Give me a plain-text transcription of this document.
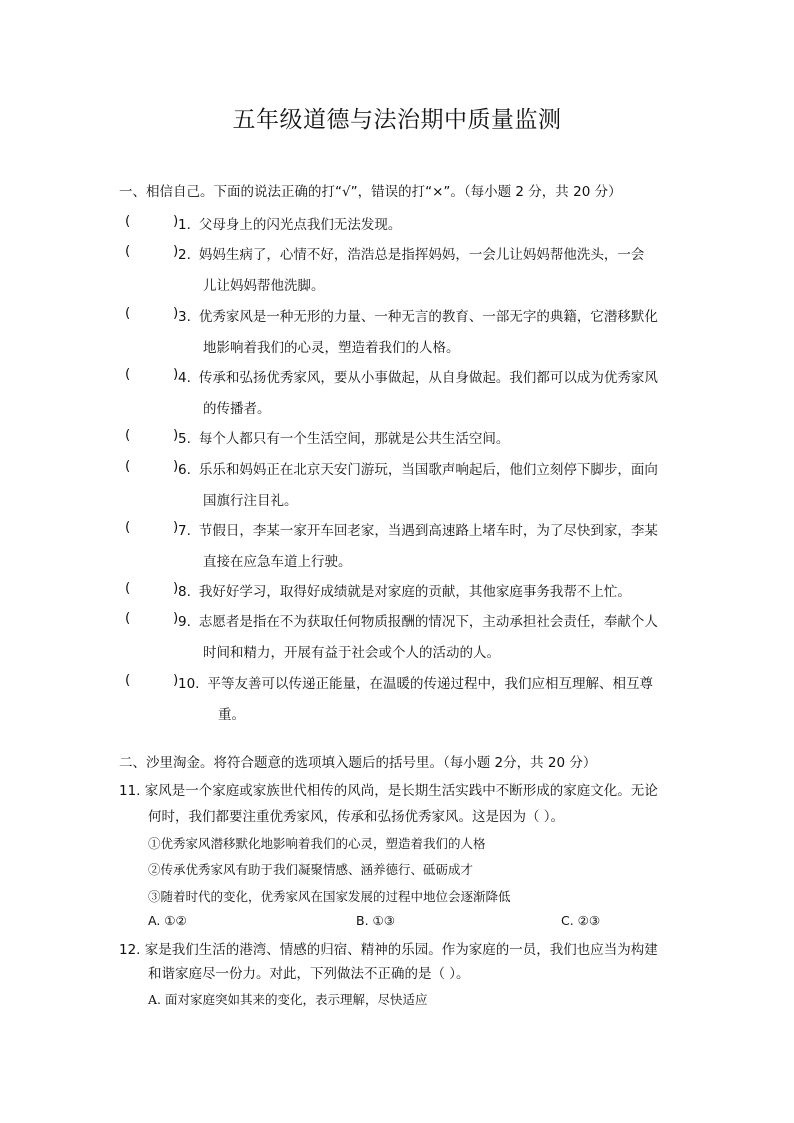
五年级道德与法治期中质量监测
一、相信自己。下面的说法正确的打“√”，错误的打“×”。（每小题 2 分，共 20 分）
(	) 1. 父母身上的闪光点我们无法发现。
(	) 2. 妈妈生病了，心情不好，浩浩总是指挥妈妈，一会儿让妈妈帮他洗头，一会
儿让妈妈帮他洗脚。
(	) 3. 优秀家风是一种无形的力量、一种无言的教育、一部无字的典籍，它潜移默化
地影响着我们的心灵，塑造着我们的人格。
(	) 4. 传承和弘扬优秀家风，要从小事做起，从自身做起。我们都可以成为优秀家风
的传播者。
(	) 5. 每个人都只有一个生活空间，那就是公共生活空间。
(	) 6. 乐乐和妈妈正在北京天安门游玩，当国歌声响起后，他们立刻停下脚步，面向
国旗行注目礼。
(	) 7. 节假日，李某一家开车回老家，当遇到高速路上堵车时，为了尽快到家，李某
直接在应急车道上行驶。
(	) 8. 我好好学习，取得好成绩就是对家庭的贡献，其他家庭事务我帮不上忙。
(	) 9. 志愿者是指在不为获取任何物质报酬的情况下，主动承担社会责任，奉献个人
时间和精力，开展有益于社会或个人的活动的人。
(	) 10. 平等友善可以传递正能量，在温暖的传递过程中，我们应相互理解、相互尊
重。
二、沙里淘金。将符合题意的选项填入题后的括号里。（每小题 2分，共 20 分）
11. 家风是一个家庭或家族世代相传的风尚，是长期生活实践中不断形成的家庭文化。无论
何时，我们都要注重优秀家风，传承和弘扬优秀家风。这是因为（ ）。
①优秀家风潜移默化地影响着我们的心灵，塑造着我们的人格
②传承优秀家风有助于我们凝聚情感、涵养德行、砥砺成才
③随着时代的变化，优秀家风在国家发展的过程中地位会逐渐降低
A. ①②	B. ①③	C. ②③
12. 家是我们生活的港湾、情感的归宿、精神的乐园。作为家庭的一员，我们也应当为构建
和谐家庭尽一份力。对此，下列做法不正确的是（ ）。
A. 面对家庭突如其来的变化，表示理解，尽快适应
